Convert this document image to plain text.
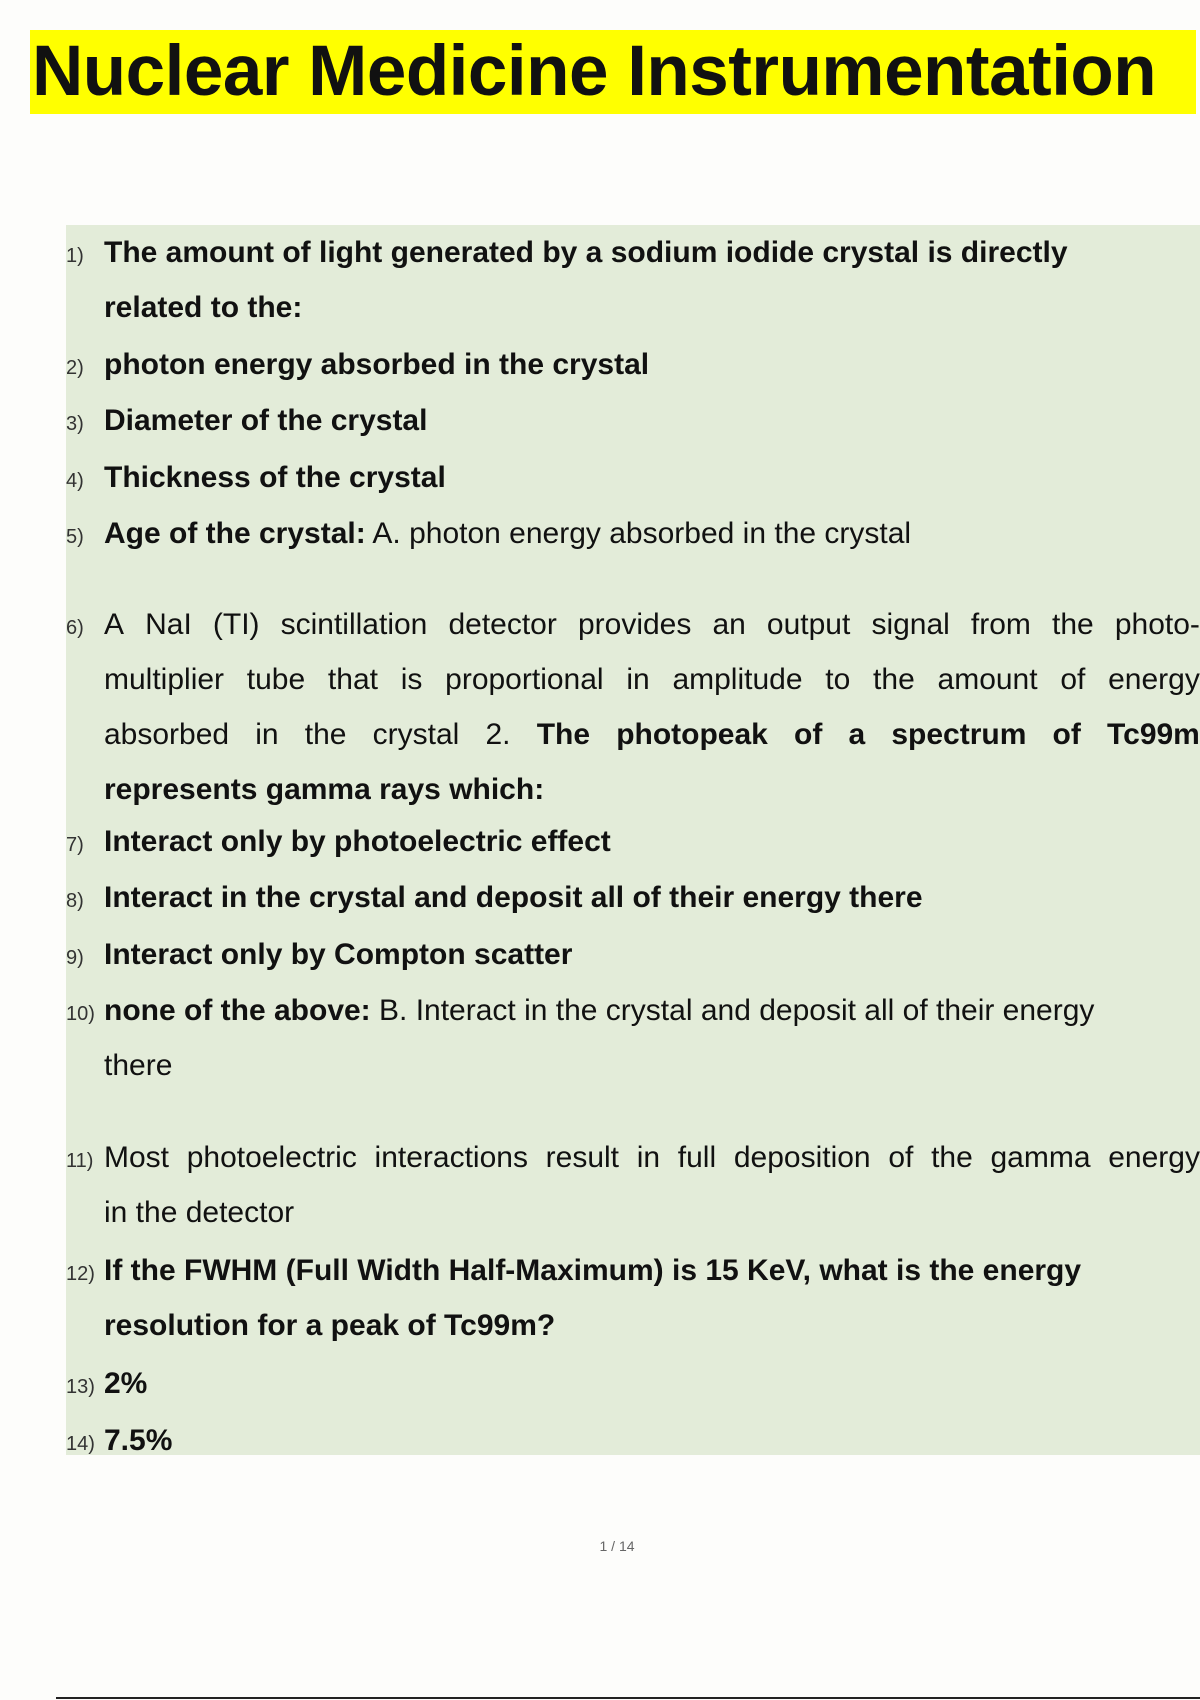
Nuclear Medicine Instrumentation
1) The amount of light generated by a sodium iodide crystal is directly
related to the:
2) photon energy absorbed in the crystal
3) Diameter of the crystal
4) Thickness of the crystal
5) Age of the crystal: A. photon energy absorbed in the crystal
6) A NaI (TI) scintillation detector provides an output signal from the photo-
multiplier tube that is proportional in amplitude to the amount of energy
absorbed in the crystal 2. The photopeak of a spectrum of Tc99m
represents gamma rays which:
7) Interact only by photoelectric effect
8) Interact in the crystal and deposit all of their energy there
9) Interact only by Compton scatter
10) none of the above: B. Interact in the crystal and deposit all of their energy
there
11) Most photoelectric interactions result in full deposition of the gamma energy
in the detector
12) If the FWHM (Full Width Half-Maximum) is 15 KeV, what is the energy
resolution for a peak of Tc99m?
13) 2%
14) 7.5%
1 / 14
